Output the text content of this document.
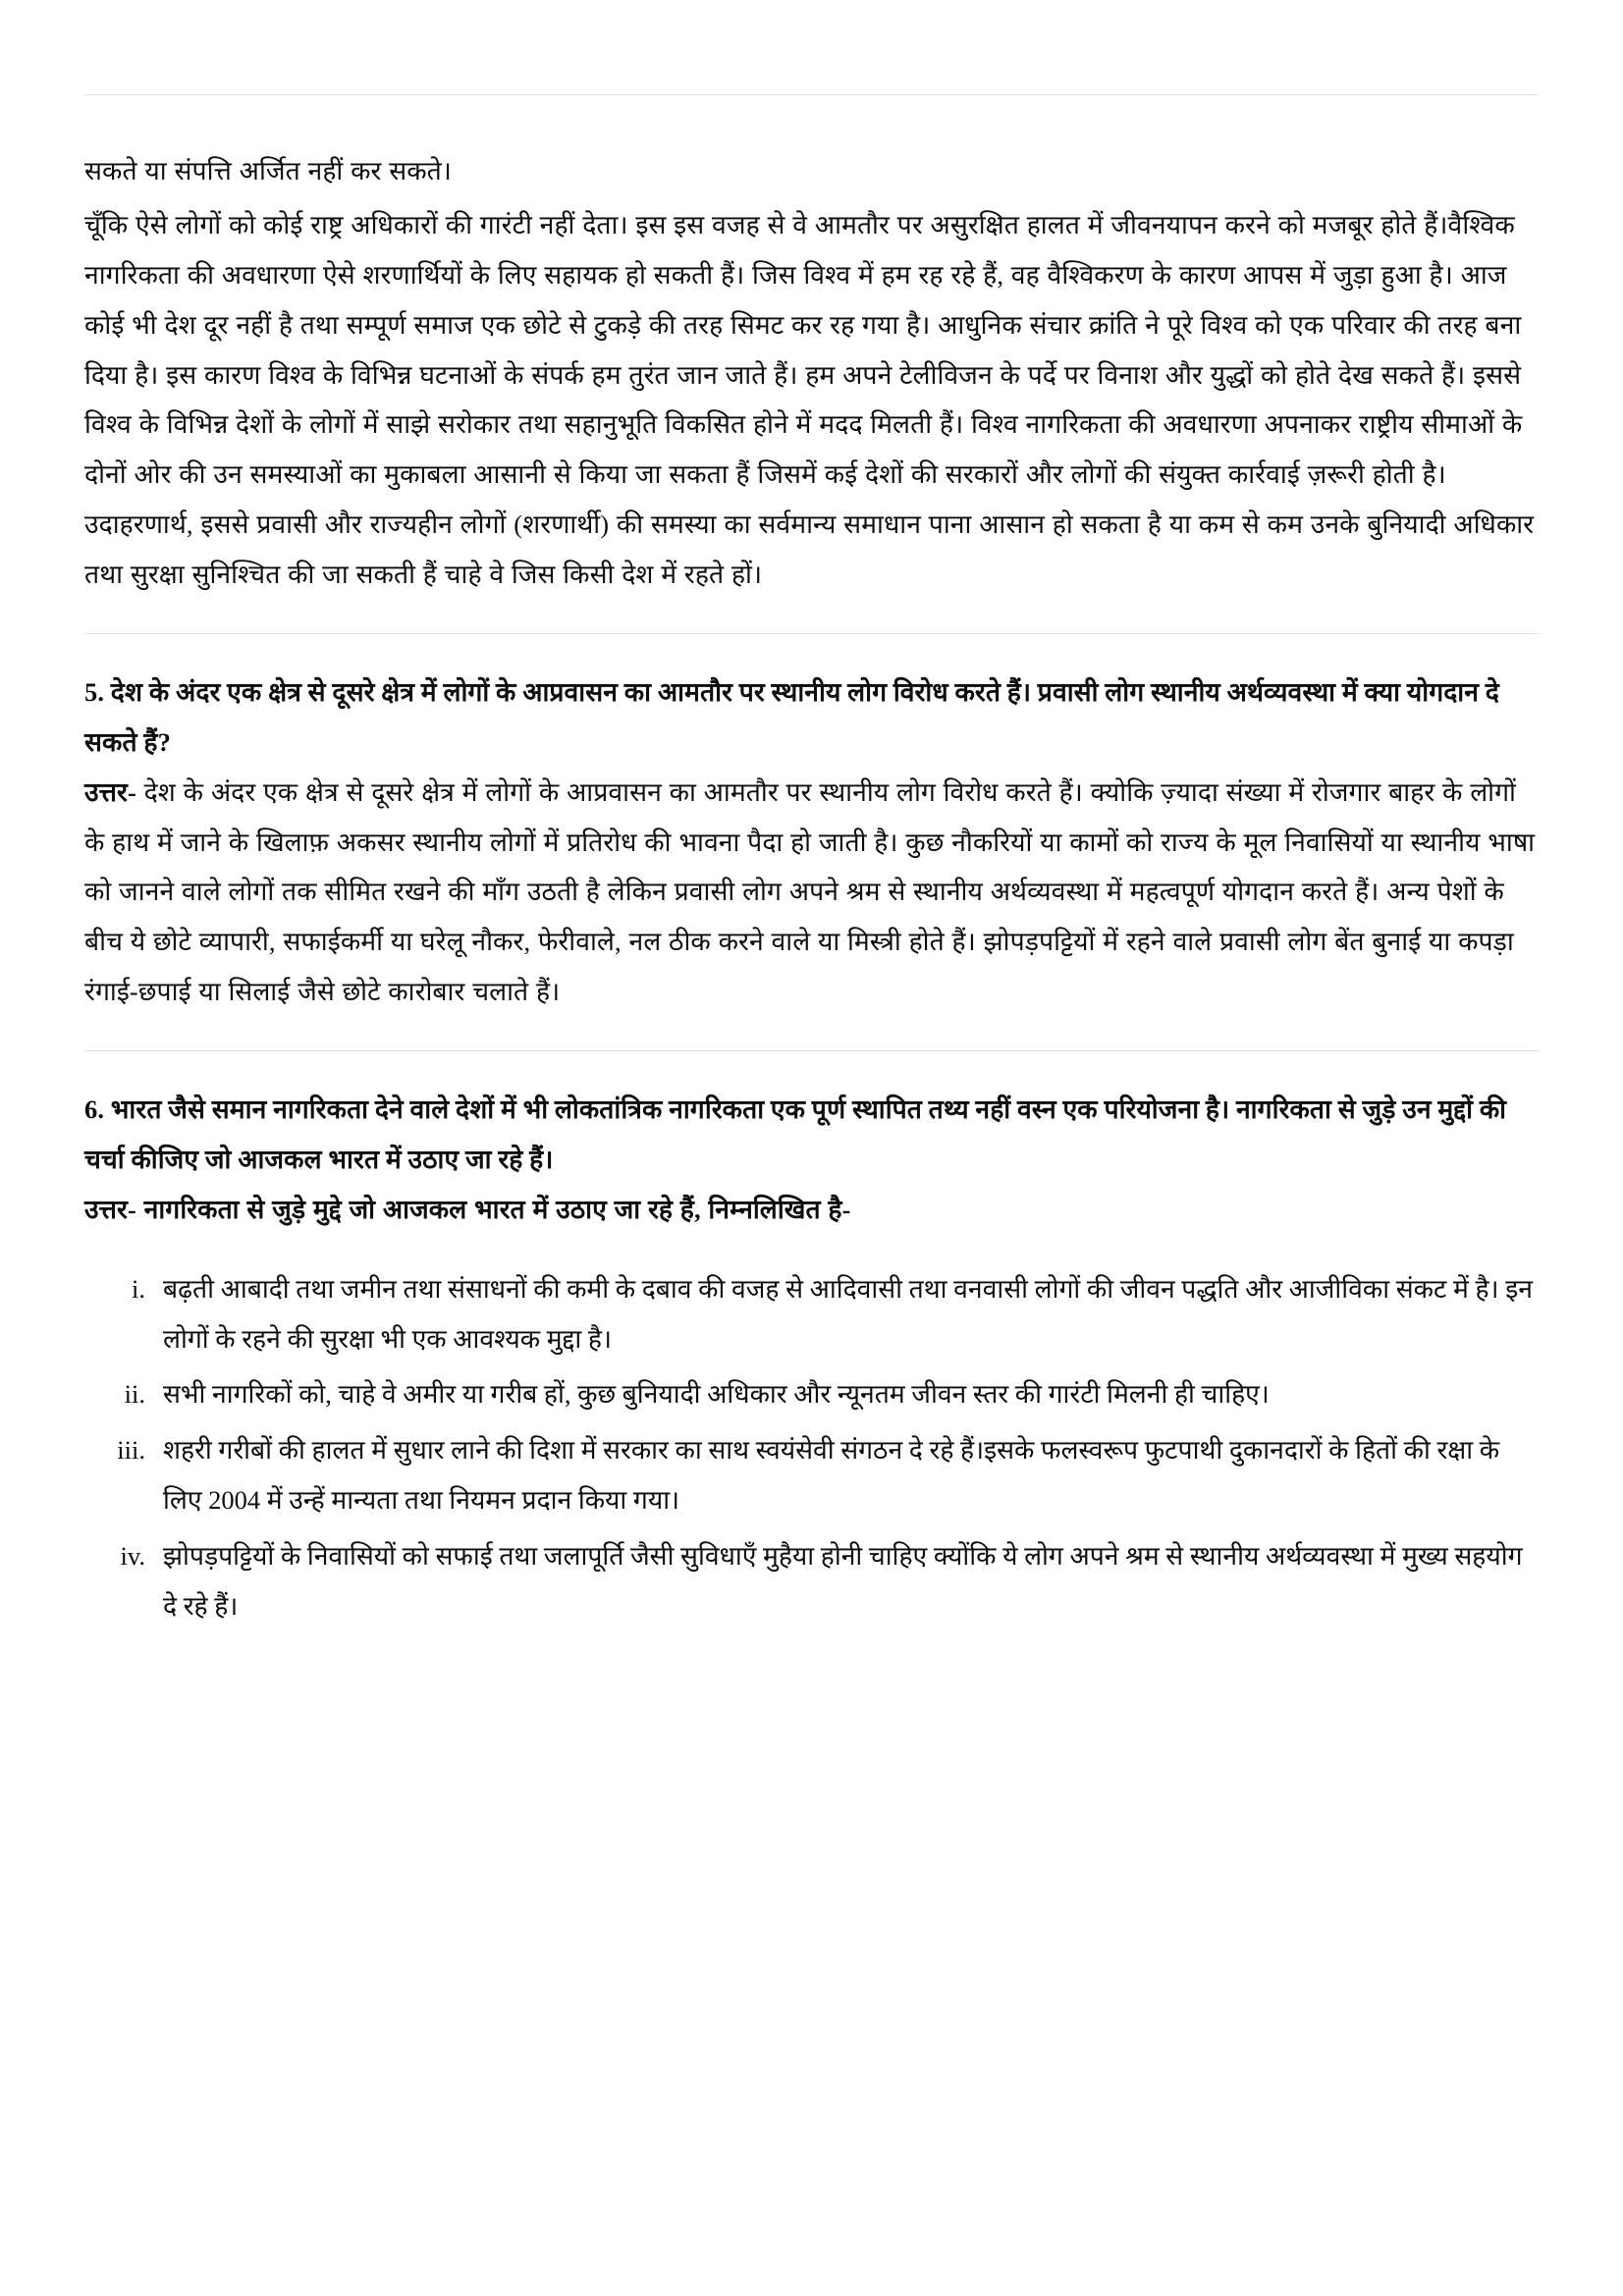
सकते या संपत्ति अर्जित नहीं कर सकते।

चूँकि ऐसे लोगों को कोई राष्ट्र अधिकारों की गारंटी नहीं देता। इस इस वजह से वे आमतौर पर असुरक्षित हालत में जीवनयापन करने को मजबूर होते हैं।वैश्विक नागरिकता की अवधारणा ऐसे शरणार्थियों के लिए सहायक हो सकती हैं। जिस विश्व में हम रह रहे हैं, वह वैश्विकरण के कारण आपस में जुड़ा हुआ है। आज कोई भी देश दूर नहीं है तथा सम्पूर्ण समाज एक छोटे से टुकड़े की तरह सिमट कर रह गया है। आधुनिक संचार क्रांति ने पूरे विश्व को एक परिवार की तरह बना दिया है। इस कारण विश्व के विभिन्न घटनाओं के संपर्क हम तुरंत जान जाते हैं। हम अपने टेलीविजन के पर्दे पर विनाश और युद्धों को होते देख सकते हैं। इससे विश्व के विभिन्न देशों के लोगों में साझे सरोकार तथा सहानुभूति विकसित होने में मदद मिलती हैं। विश्व नागरिकता की अवधारणा अपनाकर राष्ट्रीय सीमाओं के दोनों ओर की उन समस्याओं का मुकाबला आसानी से किया जा सकता हैं जिसमें कई देशों की सरकारों और लोगों की संयुक्त कार्रवाई ज़रूरी होती है। उदाहरणार्थ, इससे प्रवासी और राज्यहीन लोगों (शरणार्थी) की समस्या का सर्वमान्य समाधान पाना आसान हो सकता है या कम से कम उनके बुनियादी अधिकार तथा सुरक्षा सुनिश्चित की जा सकती हैं चाहे वे जिस किसी देश में रहते हों।

5. देश के अंदर एक क्षेत्र से दूसरे क्षेत्र में लोगों के आप्रवासन का आमतौर पर स्थानीय लोग विरोध करते हैं। प्रवासी लोग स्थानीय अर्थव्यवस्था में क्या योगदान दे सकते हैं?

उत्तर- देश के अंदर एक क्षेत्र से दूसरे क्षेत्र में लोगों के आप्रवासन का आमतौर पर स्थानीय लोग विरोध करते हैं। क्योकि ज़्यादा संख्या में रोजगार बाहर के लोगों के हाथ में जाने के खिलाफ़ अकसर स्थानीय लोगों में प्रतिरोध की भावना पैदा हो जाती है। कुछ नौकरियों या कामों को राज्य के मूल निवासियों या स्थानीय भाषा को जानने वाले लोगों तक सीमित रखने की माँग उठती है लेकिन प्रवासी लोग अपने श्रम से स्थानीय अर्थव्यवस्था में महत्वपूर्ण योगदान करते हैं। अन्य पेशों के बीच ये छोटे व्यापारी, सफाईकर्मी या घरेलू नौकर, फेरीवाले, नल ठीक करने वाले या मिस्त्री होते हैं। झोपड़पट्टियों में रहने वाले प्रवासी लोग बेंत बुनाई या कपड़ा रंगाई-छपाई या सिलाई जैसे छोटे कारोबार चलाते हैं।

6. भारत जैसे समान नागरिकता देने वाले देशों में भी लोकतांत्रिक नागरिकता एक पूर्ण स्थापित तथ्य नहीं वस्न एक परियोजना है। नागरिकता से जुड़े उन मुद्दों की चर्चा कीजिए जो आजकल भारत में उठाए जा रहे हैं।

उत्तर- नागरिकता से जुड़े मुद्दे जो आजकल भारत में उठाए जा रहे हैं, निम्नलिखित है-

i. बढ़ती आबादी तथा जमीन तथा संसाधनों की कमी के दबाव की वजह से आदिवासी तथा वनवासी लोगों की जीवन पद्धति और आजीविका संकट में है। इन लोगों के रहने की सुरक्षा भी एक आवश्यक मुद्दा है।
ii. सभी नागरिकों को, चाहे वे अमीर या गरीब हों, कुछ बुनियादी अधिकार और न्यूनतम जीवन स्तर की गारंटी मिलनी ही चाहिए।
iii. शहरी गरीबों की हालत में सुधार लाने की दिशा में सरकार का साथ स्वयंसेवी संगठन दे रहे हैं।इसके फलस्वरूप फुटपाथी दुकानदारों के हितों की रक्षा के लिए 2004 में उन्हें मान्यता तथा नियमन प्रदान किया गया।
iv. झोपड़पट्टियों के निवासियों को सफाई तथा जलापूर्ति जैसी सुविधाएँ मुहैया होनी चाहिए क्योंकि ये लोग अपने श्रम से स्थानीय अर्थव्यवस्था में मुख्य सहयोग दे रहे हैं।
